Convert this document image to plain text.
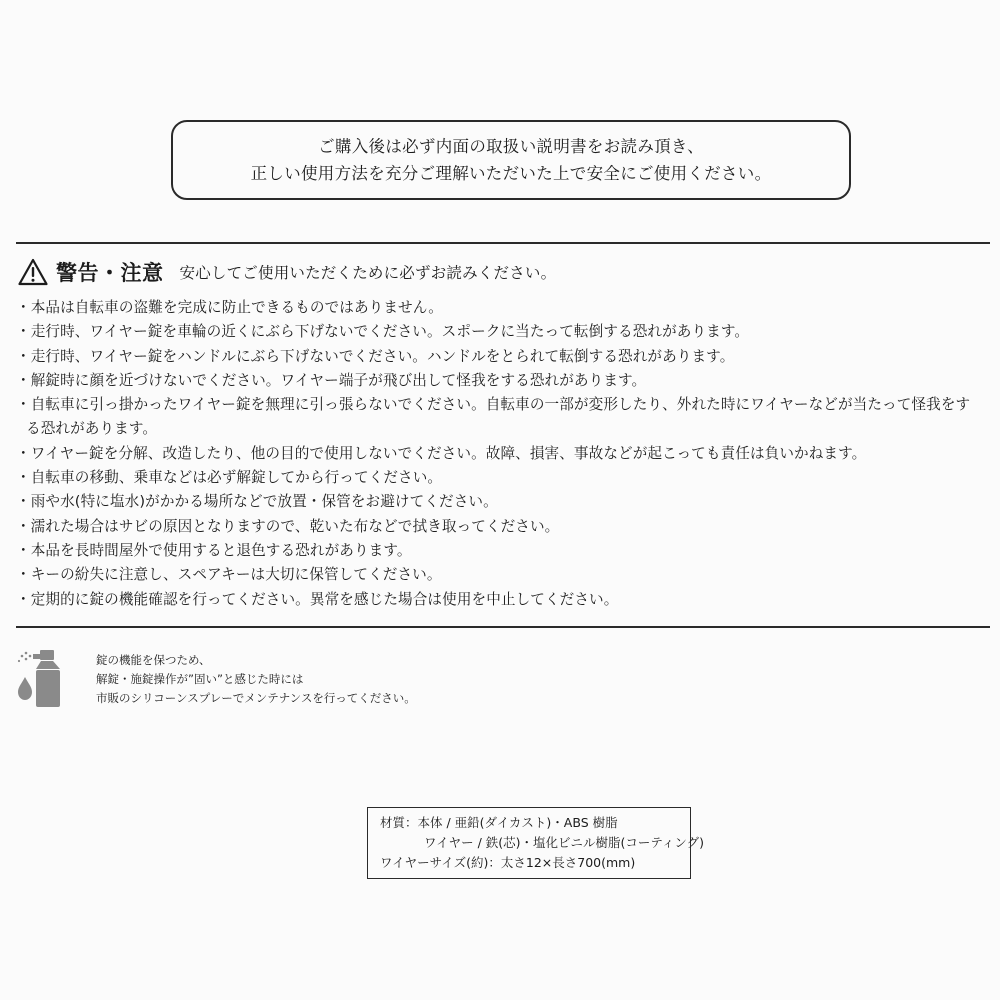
ご購入後は必ず内面の取扱い説明書をお読み頂き、
正しい使用方法を充分ご理解いただいた上で安全にご使用ください。
警告・注意 安心してご使用いただくために必ずお読みください。
・本品は自転車の盗難を完成に防止できるものではありません。
・走行時、ワイヤー錠を車輪の近くにぶら下げないでください。スポークに当たって転倒する恐れがあります。
・走行時、ワイヤー錠をハンドルにぶら下げないでください。ハンドルをとられて転倒する恐れがあります。
・解錠時に顔を近づけないでください。ワイヤー端子が飛び出して怪我をする恐れがあります。
・自転車に引っ掛かったワイヤー錠を無理に引っ張らないでください。自転車の一部が変形したり、外れた時にワイヤーなどが当たって怪我をする恐れがあります。
・ワイヤー錠を分解、改造したり、他の目的で使用しないでください。故障、損害、事故などが起こっても責任は負いかねます。
・自転車の移動、乗車などは必ず解錠してから行ってください。
・雨や水(特に塩水)がかかる場所などで放置・保管をお避けてください。
・濡れた場合はサビの原因となりますので、乾いた布などで拭き取ってください。
・本品を長時間屋外で使用すると退色する恐れがあります。
・キーの紛失に注意し、スペアキーは大切に保管してください。
・定期的に錠の機能確認を行ってください。異常を感じた場合は使用を中止してください。
錠の機能を保つため、
解錠・施錠操作が”固い”と感じた時には
市販のシリコーンスプレーでメンテナンスを行ってください。
材質：本体 / 亜鉛(ダイカスト)・ABS 樹脂
ワイヤー / 鉄(芯)・塩化ビニル樹脂(コーティング)
ワイヤーサイズ(約)：太さ12×長さ700(mm)
